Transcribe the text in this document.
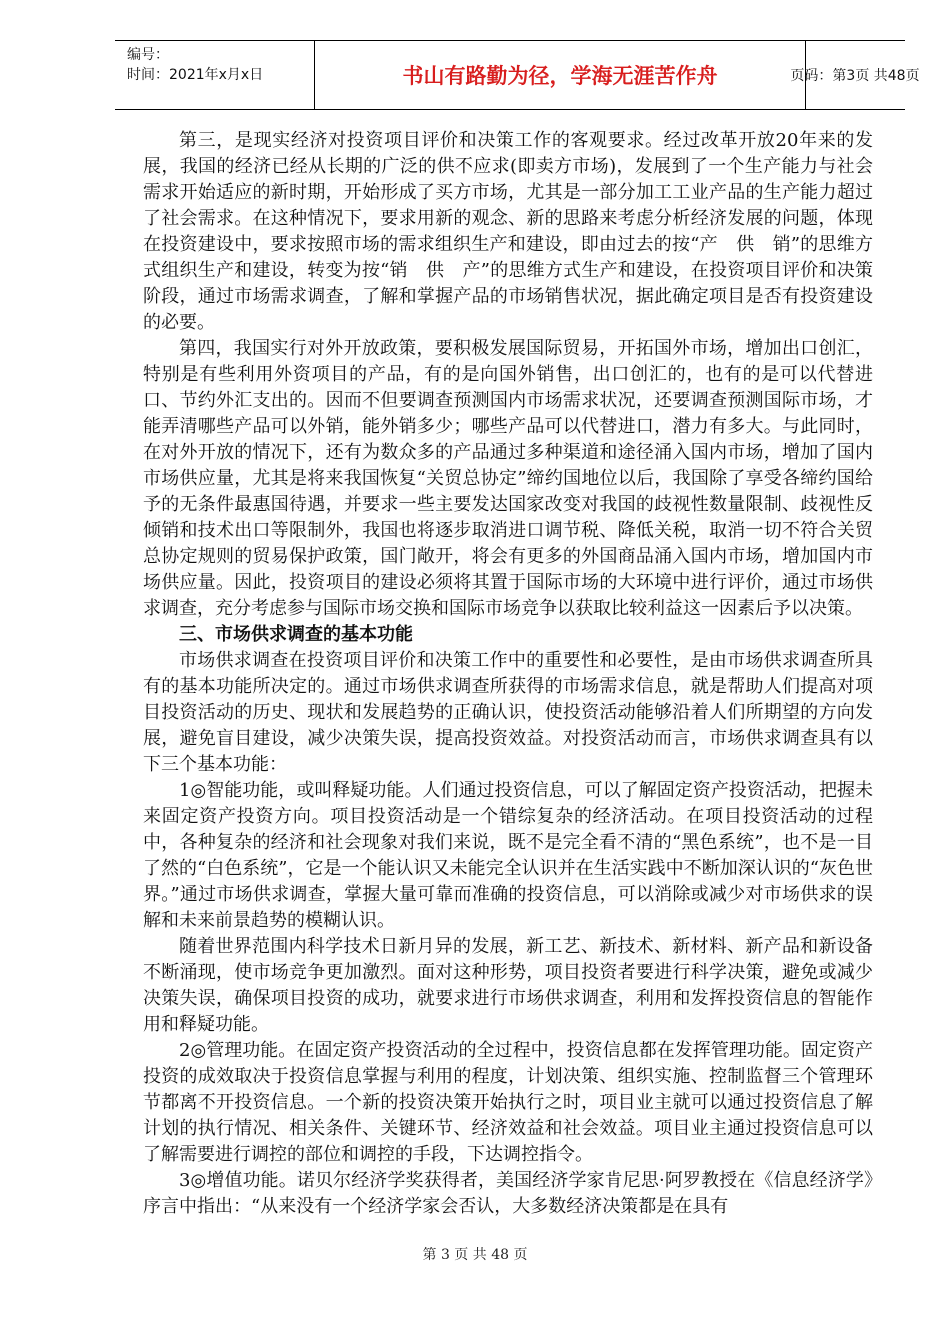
编号：
时间：2021年x月x日	书山有路勤为径，学海无涯苦作舟	页码：第3页 共48页

第三，是现实经济对投资项目评价和决策工作的客观要求。经过改革开放20年来的发展，我国的经济已经从长期的广泛的供不应求(即卖方市场)，发展到了一个生产能力与社会需求开始适应的新时期，开始形成了买方市场，尤其是一部分加工工业产品的生产能力超过了社会需求。在这种情况下，要求用新的观念、新的思路来考虑分析经济发展的问题，体现在投资建设中，要求按照市场的需求组织生产和建设，即由过去的按“产　供　销”的思维方式组织生产和建设，转变为按“销　供　产”的思维方式生产和建设，在投资项目评价和决策阶段，通过市场需求调查，了解和掌握产品的市场销售状况，据此确定项目是否有投资建设的必要。

第四，我国实行对外开放政策，要积极发展国际贸易，开拓国外市场，增加出口创汇，特别是有些利用外资项目的产品，有的是向国外销售，出口创汇的，也有的是可以代替进口、节约外汇支出的。因而不但要调查预测国内市场需求状况，还要调查预测国际市场，才能弄清哪些产品可以外销，能外销多少；哪些产品可以代替进口，潜力有多大。与此同时，在对外开放的情况下，还有为数众多的产品通过多种渠道和途径涌入国内市场，增加了国内市场供应量，尤其是将来我国恢复“关贸总协定”缔约国地位以后，我国除了享受各缔约国给予的无条件最惠国待遇，并要求一些主要发达国家改变对我国的歧视性数量限制、歧视性反倾销和技术出口等限制外，我国也将逐步取消进口调节税、降低关税，取消一切不符合关贸总协定规则的贸易保护政策，国门敞开，将会有更多的外国商品涌入国内市场，增加国内市场供应量。因此，投资项目的建设必须将其置于国际市场的大环境中进行评价，通过市场供求调查，充分考虑参与国际市场交换和国际市场竞争以获取比较利益这一因素后予以决策。

三、市场供求调查的基本功能

市场供求调查在投资项目评价和决策工作中的重要性和必要性，是由市场供求调查所具有的基本功能所决定的。通过市场供求调查所获得的市场需求信息，就是帮助人们提高对项目投资活动的历史、现状和发展趋势的正确认识，使投资活动能够沿着人们所期望的方向发展，避免盲目建设，减少决策失误，提高投资效益。对投资活动而言，市场供求调查具有以下三个基本功能：

1◎智能功能，或叫释疑功能。人们通过投资信息，可以了解固定资产投资活动，把握未来固定资产投资方向。项目投资活动是一个错综复杂的经济活动。在项目投资活动的过程中，各种复杂的经济和社会现象对我们来说，既不是完全看不清的“黑色系统”，也不是一目了然的“白色系统”，它是一个能认识又未能完全认识并在生活实践中不断加深认识的“灰色世界。”通过市场供求调查，掌握大量可靠而准确的投资信息，可以消除或减少对市场供求的误解和未来前景趋势的模糊认识。

随着世界范围内科学技术日新月异的发展，新工艺、新技术、新材料、新产品和新设备不断涌现，使市场竞争更加激烈。面对这种形势，项目投资者要进行科学决策，避免或减少决策失误，确保项目投资的成功，就要求进行市场供求调查，利用和发挥投资信息的智能作用和释疑功能。

2◎管理功能。在固定资产投资活动的全过程中，投资信息都在发挥管理功能。固定资产投资的成效取决于投资信息掌握与利用的程度，计划决策、组织实施、控制监督三个管理环节都离不开投资信息。一个新的投资决策开始执行之时，项目业主就可以通过投资信息了解计划的执行情况、相关条件、关键环节、经济效益和社会效益。项目业主通过投资信息可以了解需要进行调控的部位和调控的手段，下达调控指令。

3◎增值功能。诺贝尔经济学奖获得者，美国经济学家肯尼思·阿罗教授在《信息经济学》序言中指出：“从来没有一个经济学家会否认，大多数经济决策都是在具有

第 3 页 共 48 页
